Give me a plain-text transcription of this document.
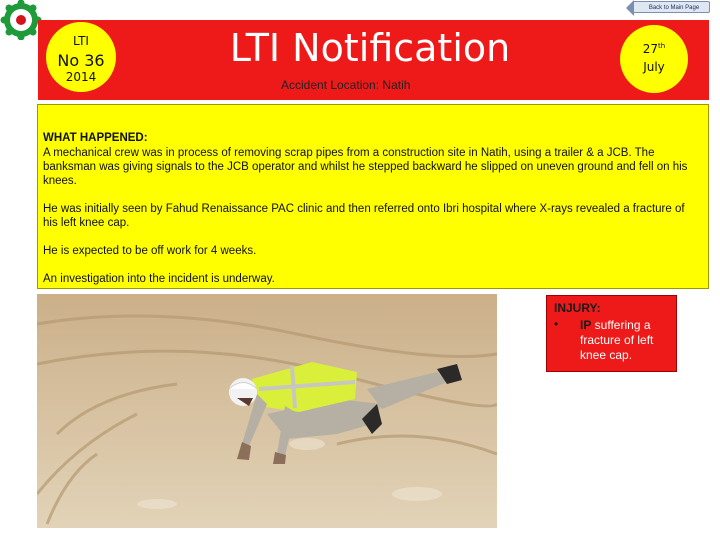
Back to Main Page
LTI
No 36
2014
LTI Notification
Accident Location: Natih
27th
July
WHAT HAPPENED:

A mechanical crew was in process of removing scrap pipes from a construction site in Natih, using a trailer & a JCB. The banksman was giving signals to the JCB operator and whilst he stepped backward he slipped on uneven ground and fell on his knees.

He was initially seen by Fahud Renaissance PAC clinic and then referred onto Ibri hospital where X-rays revealed a fracture of his left knee cap.

He is expected to be off work for 4 weeks.

An investigation into the incident is underway.

INJURY:
• IP suffering a fracture of left knee cap.
